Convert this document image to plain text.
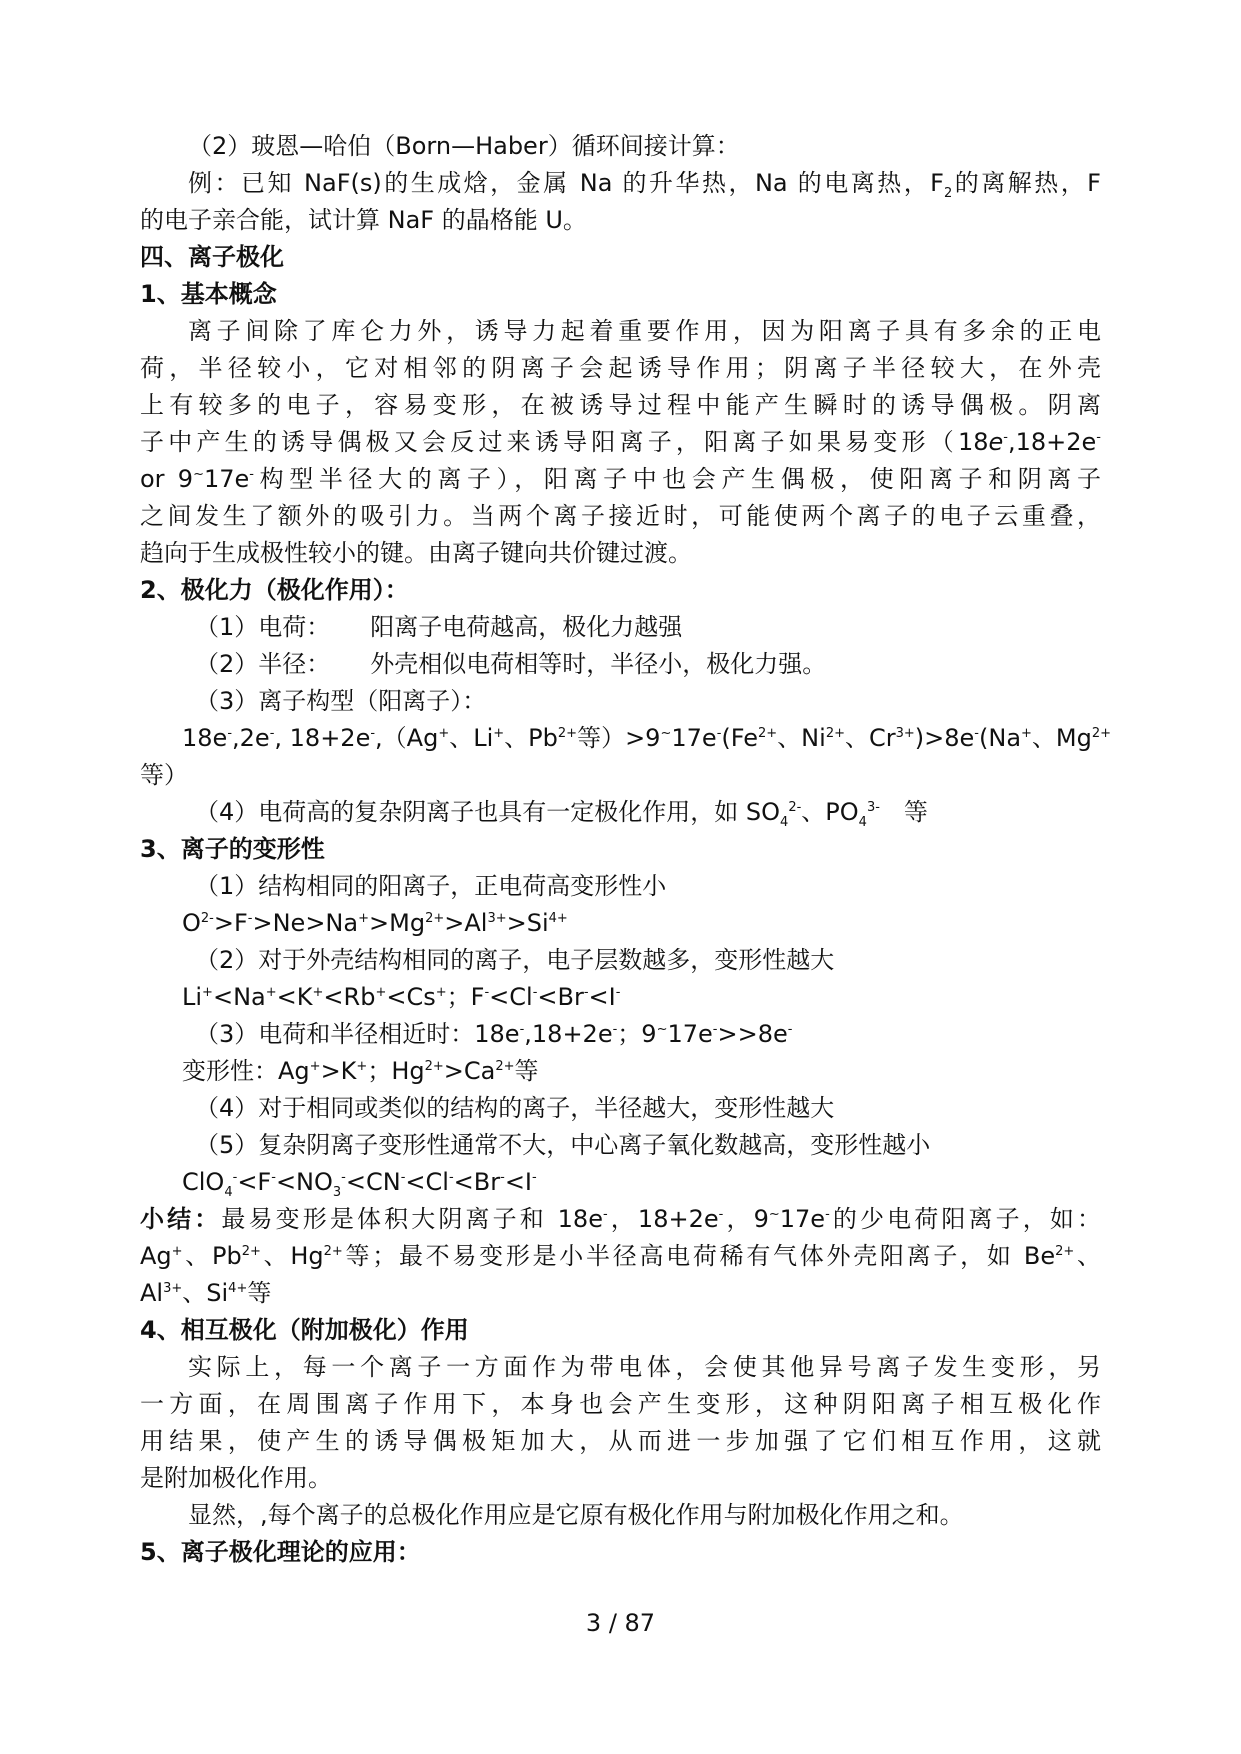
（2）玻恩—哈伯（Born—Haber）循环间接计算：
例：已知 NaF(s)的生成焓，金属 Na 的升华热，Na 的电离热，$F_2$的离解热，F
的电子亲合能，试计算 NaF 的晶格能 U。
四、离子极化
1、基本概念
离子间除了库仑力外，诱导力起着重要作用，因为阳离子具有多余的正电
荷，半径较小，它对相邻的阴离子会起诱导作用；阴离子半径较大，在外壳
上有较多的电子，容易变形，在被诱导过程中能产生瞬时的诱导偶极。阴离
子中产生的诱导偶极又会反过来诱导阳离子，阳离子如果易变形（18e-,18+2e-
or 9~17e-构型半径大的离子），阳离子中也会产生偶极，使阳离子和阴离子
之间发生了额外的吸引力。当两个离子接近时，可能使两个离子的电子云重叠，
趋向于生成极性较小的键。由离子键向共价键过渡。
2、极化力（极化作用）：
（1）电荷： 阳离子电荷越高，极化力越强
（2）半径： 外壳相似电荷相等时，半径小，极化力强。
（3）离子构型（阳离子）：
18e-,2e-, 18+2e-,（Ag+、Li+、$Pb^{2+}$等）$>9^\sim 17e^-(Fe^{2+}$、$Ni^{2+}$、$Cr^{3+})>8e^-(Na^+$、$Mg^{2+}$
等）
（4）电荷高的复杂阴离子也具有一定极化作用，如 $SO_4^{2-}$、$PO_4^{3-}$　等
3、离子的变形性
（1）结构相同的阳离子，正电荷高变形性小
$O^{2-}>F^->Ne>Na^+>Mg^{2+}>Al^{3+}>Si^{4+}$
（2）对于外壳结构相同的离子，电子层数越多，变形性越大
Li+<Na+<K+<Rb+<Cs+；F-<Cl-<Br-<I-
（3）电荷和半径相近时：18e-,18+2e-；9~17e->>8e-
变形性：Ag+>K+；$Hg^{2+}>Ca^{2+}$等
（4）对于相同或类似的结构的离子，半径越大，变形性越大
（5）复杂阴离子变形性通常不大，中心离子氧化数越高，变形性越小
$ClO_4^-<F^-<NO_3^-<CN^-<Cl^-<Br^-<I^-$
小结：最易变形是体积大阴离子和 18e-，18+2e-，9~17e-的少电荷阳离子，如：
Ag+、$Pb^{2+}$、$Hg^{2+}$等；最不易变形是小半径高电荷稀有气体外壳阳离子，如 $Be^{2+}$、
$Al^{3+}$、$Si^{4+}$等
4、相互极化（附加极化）作用
实际上，每一个离子一方面作为带电体，会使其他异号离子发生变形，另
一方面，在周围离子作用下，本身也会产生变形，这种阴阳离子相互极化作
用结果，使产生的诱导偶极矩加大，从而进一步加强了它们相互作用，这就
是附加极化作用。
显然，,每个离子的总极化作用应是它原有极化作用与附加极化作用之和。
5、离子极化理论的应用：
3 / 87
